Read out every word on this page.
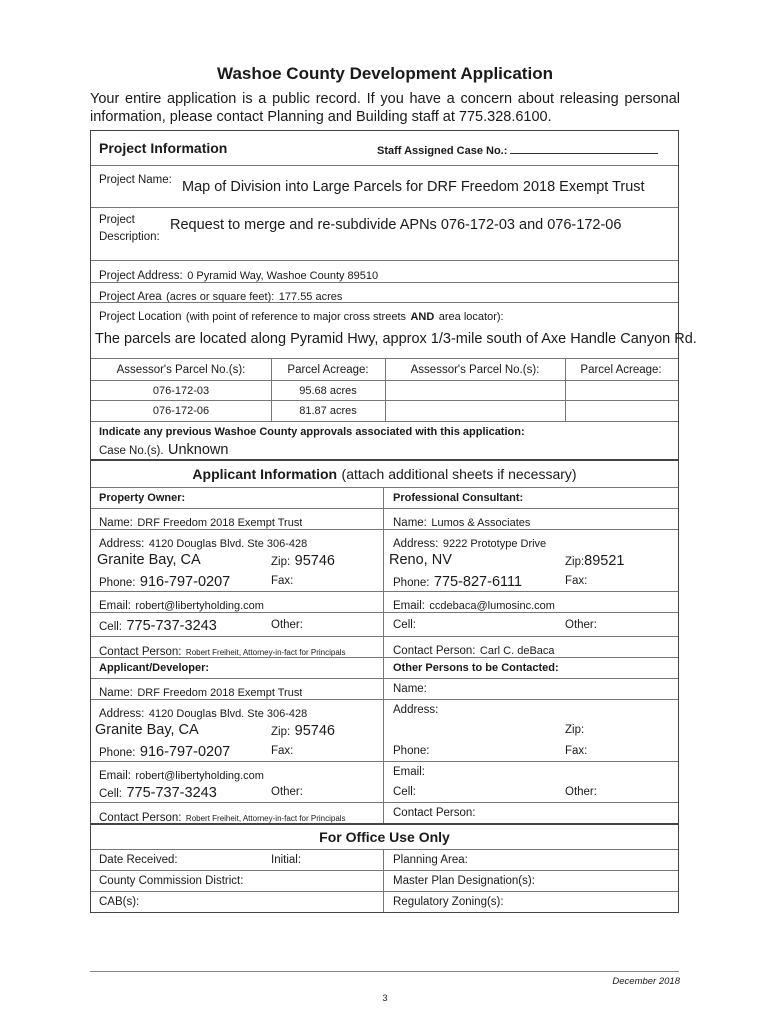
Washoe County Development Application
Your entire application is a public record. If you have a concern about releasing personal information, please contact Planning and Building staff at 775.328.6100.
Project Information	Staff Assigned Case No.:
Project Name: Map of Division into Large Parcels for DRF Freedom 2018 Exempt Trust
Project
Description:
Request to merge and re-subdivide APNs 076-172-03 and 076-172-06
Project Address: 0 Pyramid Way, Washoe County 89510
Project Area (acres or square feet): 177.55 acres
Project Location (with point of reference to major cross streets AND area locator):
The parcels are located along Pyramid Hwy, approx 1/3-mile south of Axe Handle Canyon Rd.
Assessor's Parcel No.(s):	Parcel Acreage:	Assessor's Parcel No.(s):	Parcel Acreage:
076-172-03	95.68 acres
076-172-06	81.87 acres
Indicate any previous Washoe County approvals associated with this application:
Case No.(s). Unknown
Applicant Information (attach additional sheets if necessary)
Property Owner:	Professional Consultant:
Name: DRF Freedom 2018 Exempt Trust	Name: Lumos & Associates
Address: 4120 Douglas Blvd. Ste 306-428	Address: 9222 Prototype Drive
Granite Bay, CA	Zip: 95746	Reno, NV	Zip:89521
Phone: 916-797-0207	Fax:	Phone: 775-827-6111	Fax:
Email: robert@libertyholding.com	Email: ccdebaca@lumosinc.com
Cell: 775-737-3243	Other:	Cell:	Other:
Contact Person: Robert Freiheit, Attorney-in-fact for Principals	Contact Person: Carl C. deBaca
Applicant/Developer:	Other Persons to be Contacted:
Name: DRF Freedom 2018 Exempt Trust	Name:
Address: 4120 Douglas Blvd. Ste 306-428	Address:
Granite Bay, CA	Zip: 95746	Zip:
Phone: 916-797-0207	Fax:	Phone:	Fax:
Email: robert@libertyholding.com	Email:
Cell: 775-737-3243	Other:	Cell:	Other:
Contact Person: Robert Freiheit, Attorney-in-fact for Principals	Contact Person:
For Office Use Only
Date Received:	Initial:	Planning Area:
County Commission District:	Master Plan Designation(s):
CAB(s):	Regulatory Zoning(s):
December 2018
3
